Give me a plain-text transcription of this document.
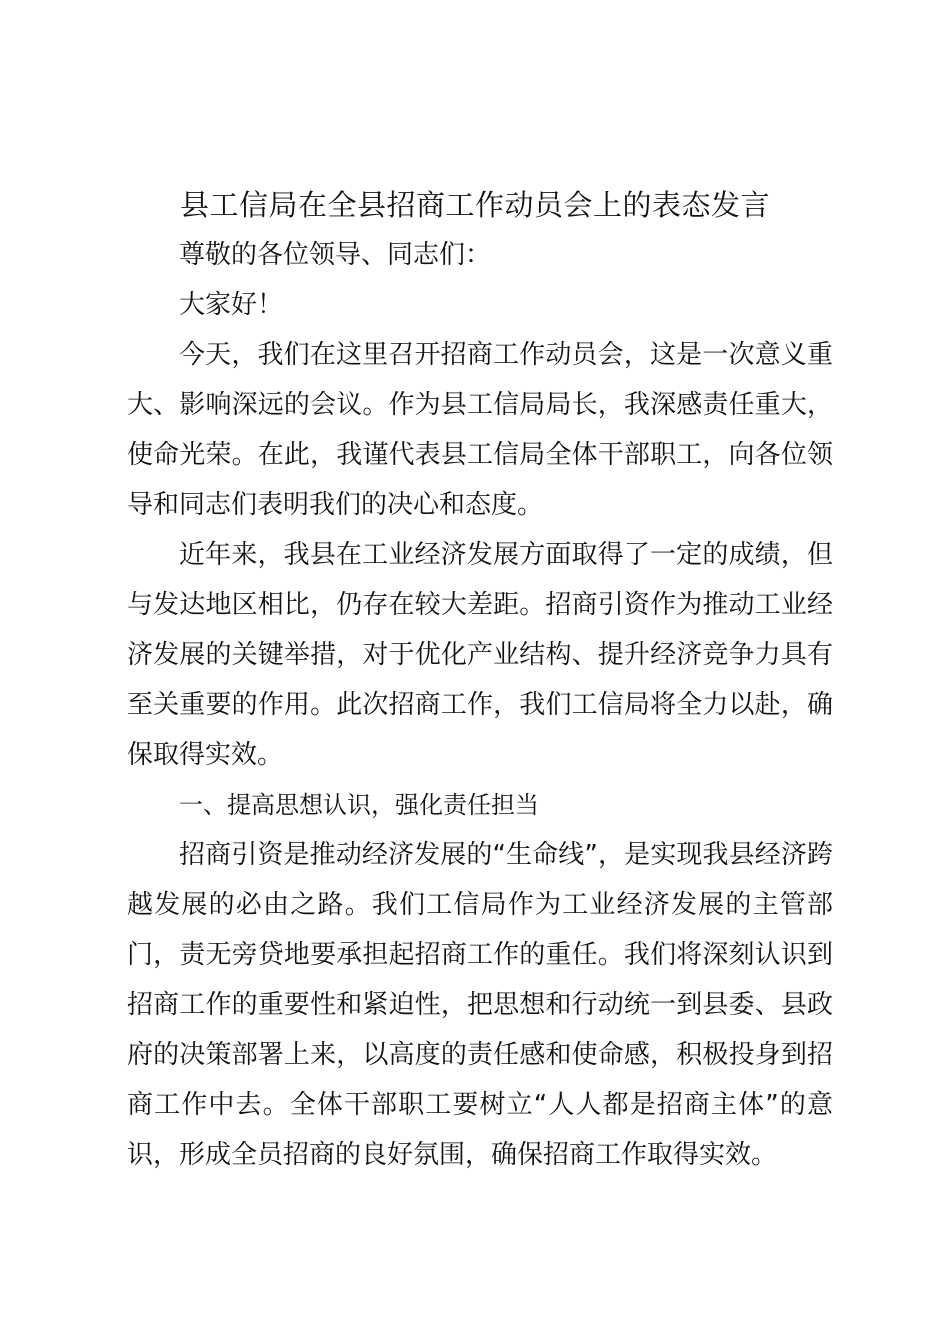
县工信局在全县招商工作动员会上的表态发言

尊敬的各位领导、同志们：

大家好！

今天，我们在这里召开招商工作动员会，这是一次意义重大、影响深远的会议。作为县工信局局长，我深感责任重大，使命光荣。在此，我谨代表县工信局全体干部职工，向各位领导和同志们表明我们的决心和态度。

近年来，我县在工业经济发展方面取得了一定的成绩，但与发达地区相比，仍存在较大差距。招商引资作为推动工业经济发展的关键举措，对于优化产业结构、提升经济竞争力具有至关重要的作用。此次招商工作，我们工信局将全力以赴，确保取得实效。

一、提高思想认识，强化责任担当

招商引资是推动经济发展的“生命线”，是实现我县经济跨越发展的必由之路。我们工信局作为工业经济发展的主管部门，责无旁贷地要承担起招商工作的重任。我们将深刻认识到招商工作的重要性和紧迫性，把思想和行动统一到县委、县政府的决策部署上来，以高度的责任感和使命感，积极投身到招商工作中去。全体干部职工要树立“人人都是招商主体”的意识，形成全员招商的良好氛围，确保招商工作取得实效。
